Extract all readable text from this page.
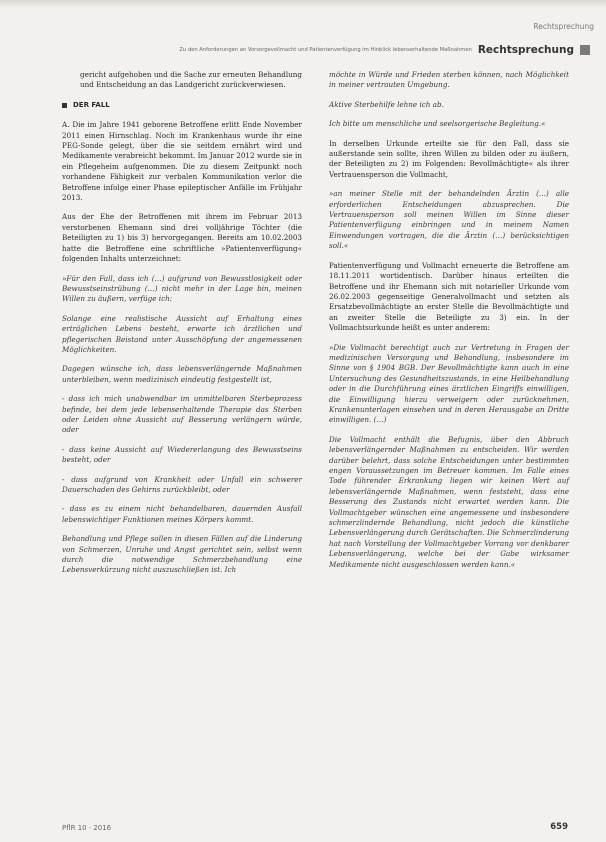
Rechtsprechung
Zu den Anforderungen an Vorsorgevollmacht und Patientenverfügung im Hinblick lebenserhaltende Maßnahmen Rechtsprechung

gericht aufgehoben und die Sache zur erneuten Behandlung und Entscheidung an das Landgericht zurückverwiesen.

DER FALL

A. Die im Jahre 1941 geborene Betroffene erlitt Ende November 2011 einen Hirnschlag. Noch im Krankenhaus wurde ihr eine PEG-Sonde gelegt, über die sie seitdem ernährt wird und Medikamente verabreicht bekommt. Im Januar 2012 wurde sie in ein Pflegeheim aufgenommen. Die zu diesem Zeitpunkt noch vorhandene Fähigkeit zur verbalen Kommunikation verlor die Betroffene infolge einer Phase epileptischer Anfälle im Frühjahr 2013.

Aus der Ehe der Betroffenen mit ihrem im Februar 2013 verstorbenen Ehemann sind drei volljährige Töchter (die Beteiligten zu 1) bis 3) hervorgegangen. Bereits am 10.02.2003 hatte die Betroffene eine schriftliche »Patientenverfügung« folgenden Inhalts unterzeichnet:

»Für den Fall, dass ich (…) aufgrund von Bewusstlosigkeit oder Bewusstseinstrübung (…) nicht mehr in der Lage bin, meinen Willen zu äußern, verfüge ich:

Solange eine realistische Aussicht auf Erhaltung eines erträglichen Lebens besteht, erwarte ich ärztlichen und pflegerischen Beistand unter Ausschöpfung der angemessenen Möglichkeiten.

Dagegen wünsche ich, dass lebensverlängernde Maßnahmen unterbleiben, wenn medizinisch eindeutig festgestellt ist,

- dass ich mich unabwendbar im unmittelbaren Sterbeprozess befinde, bei dem jede lebenserhaltende Therapie das Sterben oder Leiden ohne Aussicht auf Besserung verlängern würde, oder

- dass keine Aussicht auf Wiedererlangung des Bewusstseins besteht, oder

- dass aufgrund von Krankheit oder Unfall ein schwerer Dauerschaden des Gehirns zurückbleibt, oder

- dass es zu einem nicht behandelbaren, dauernden Ausfall lebenswichtiger Funktionen meines Körpers kommt.

Behandlung und Pflege sollen in diesen Fällen auf die Linderung von Schmerzen, Unruhe und Angst gerichtet sein, selbst wenn durch die notwendige Schmerzbehandlung eine Lebensverkürzung nicht auszuschließen ist. Ich

möchte in Würde und Frieden sterben können, nach Möglichkeit in meiner vertrauten Umgebung.

Aktive Sterbehilfe lehne ich ab.

Ich bitte um menschliche und seelsorgerische Begleitung.«

In derselben Urkunde erteilte sie für den Fall, dass sie außerstande sein sollte, ihren Willen zu bilden oder zu äußern, der Beteiligten zu 2) im Folgenden: Bevollmächtigte« als ihrer Vertrauensperson die Vollmacht,

»an meiner Stelle mit der behandelnden Ärztin (…) alle erforderlichen Entscheidungen abzusprechen. Die Vertrauensperson soll meinen Willen im Sinne dieser Patientenverfügung einbringen und in meinem Namen Einwendungen vortragen, die die Ärztin (…) berücksichtigen soll.«

Patientenverfügung und Vollmacht erneuerte die Betroffene am 18.11.2011 wortidentisch. Darüber hinaus erteilten die Betroffene und ihr Ehemann sich mit notarieller Urkunde vom 26.02.2003 gegenseitige Generalvollmacht und setzten als Ersatzbevollmächtigte an erster Stelle die Bevollmächtigte und an zweiter Stelle die Beteiligte zu 3) ein. In der Vollmachtsurkunde heißt es unter anderem:

»Die Vollmacht berechtigt auch zur Vertretung in Fragen der medizinischen Versorgung und Behandlung, insbesondere im Sinne von § 1904 BGB. Der Bevollmächtigte kann auch in eine Untersuchung des Gesundheitszustands, in eine Heilbehandlung oder in die Durchführung eines ärztlichen Eingriffs einwilligen, die Einwilligung hierzu verweigern oder zurücknehmen, Krankenunterlagen einsehen und in deren Herausgabe an Dritte einwilligen. (…)

Die Vollmacht enthält die Befugnis, über den Abbruch lebensverlängernder Maßnahmen zu entscheiden. Wir werden darüber belehrt, dass solche Entscheidungen unter bestimmten engen Voraussetzungen im Betreuer kommen. Im Falle eines Tode führender Erkrankung liegen wir keinen Wert auf lebensverlängernde Maßnahmen, wenn feststeht, dass eine Besserung des Zustands nicht erwartet werden kann. Die Vollmachtgeber wünschen eine angemessene und insbesondere schmerzlindernde Behandlung, nicht jedoch die künstliche Lebensverlängerung durch Gerätschaften. Die Schmerzlinderung hat nach Vorstellung der Vollmachtgeber Vorrang vor denkbarer Lebensverlängerung, welche bei der Gabe wirksamer Medikamente nicht ausgeschlossen werden kann.«

PflR 10 · 2016	659
